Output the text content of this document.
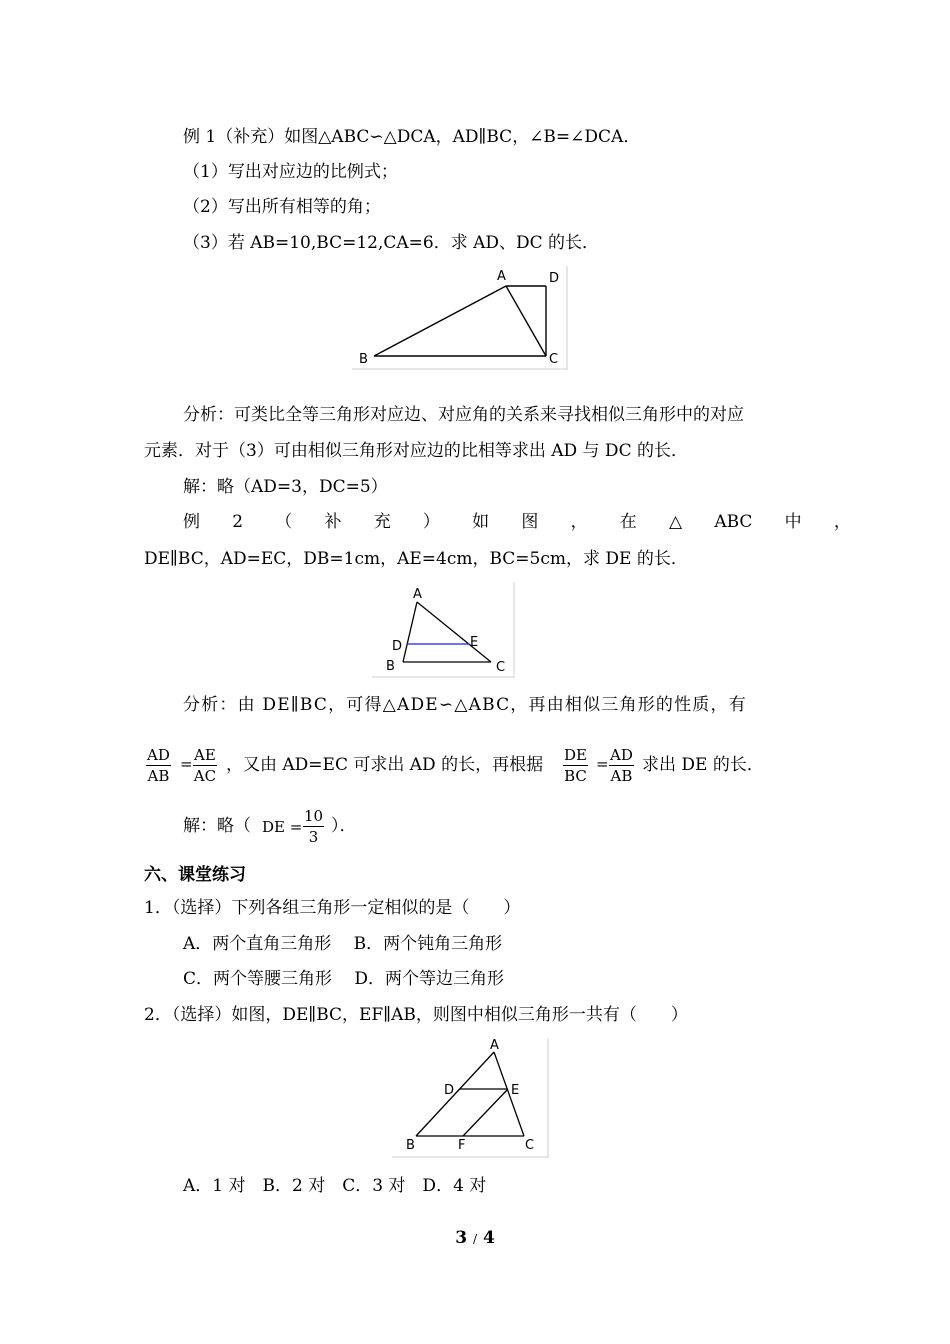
例 1（补充）如图△ABC∽△DCA，AD∥BC，∠B=∠DCA．
（1）写出对应边的比例式；
（2）写出所有相等的角；
（3）若 AB=10,BC=12,CA=6．求 AD、DC 的长．
A	D
B	C
分析：可类比全等三角形对应边、对应角的关系来寻找相似三角形中的对应
元素．对于（3）可由相似三角形对应边的比相等求出 AD 与 DC 的长．
解：略（AD=3，DC=5）
例 2 （ 补 充 ） 如 图 ， 在 △ ABC 中 ，
DE∥BC，AD=EC，DB=1cm，AE=4cm，BC=5cm，求 DE 的长．
A
D	E
B	C
分析：由 DE∥BC，可得△ADE∽△ABC，再由相似三角形的性质，有
$\frac{AD}{AB} = \frac{AE}{AC}$ ，又由 AD=EC 可求出 AD 的长，再根据 $\frac{DE}{BC} = \frac{AD}{AB}$ 求出 DE 的长．
解：略（ DE = $\frac{10}{3}$ ）．
六、课堂练习
1．（选择）下列各组三角形一定相似的是（　　）
A．两个直角三角形　 B．两个钝角三角形
C．两个等腰三角形　 D．两个等边三角形
2．（选择）如图，DE∥BC，EF∥AB，则图中相似三角形一共有（　　）
A
D	E
B	F	C
A．1 对　B．2 对　C．3 对　D．4 对
3 / 4
